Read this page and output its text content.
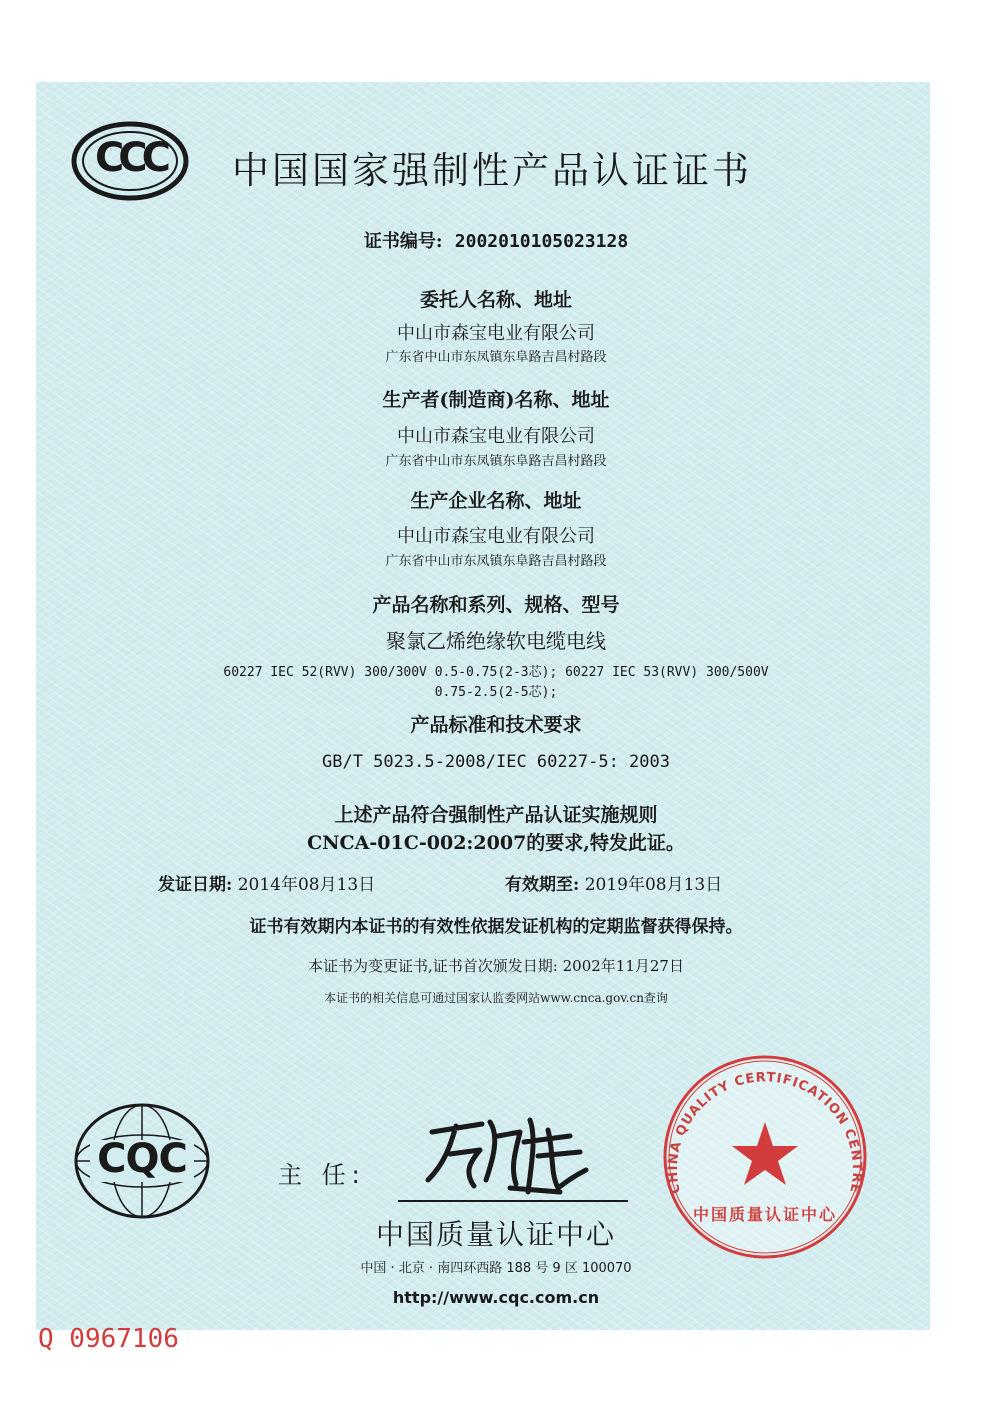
CCC	中国国家强制性产品认证证书
证书编号: 2002010105023128
委托人名称、地址
中山市森宝电业有限公司
广东省中山市东凤镇东阜路吉昌村路段
生产者(制造商)名称、地址
中山市森宝电业有限公司
广东省中山市东凤镇东阜路吉昌村路段
生产企业名称、地址
中山市森宝电业有限公司
广东省中山市东凤镇东阜路吉昌村路段
产品名称和系列、规格、型号
聚氯乙烯绝缘软电缆电线
60227 IEC 52(RVV) 300/300V 0.5-0.75(2-3芯); 60227 IEC 53(RVV) 300/500V
0.75-2.5(2-5芯);
产品标准和技术要求
GB/T 5023.5-2008/IEC 60227-5: 2003
上述产品符合强制性产品认证实施规则
CNCA-01C-002:2007的要求,特发此证。
发证日期: 2014年08月13日	有效期至: 2019年08月13日
证书有效期内本证书的有效性依据发证机构的定期监督获得保持。
本证书为变更证书,证书首次颁发日期: 2002年11月27日
本证书的相关信息可通过国家认监委网站www.cnca.gov.cn查询
CQC	主 任:
中国质量认证中心
中国 · 北京 · 南四环西路 188 号 9 区 100070
http://www.cqc.com.cn
Q 0967106
CHINA QUALITY CERTIFICATION CENTRE
中国质量认证中心
